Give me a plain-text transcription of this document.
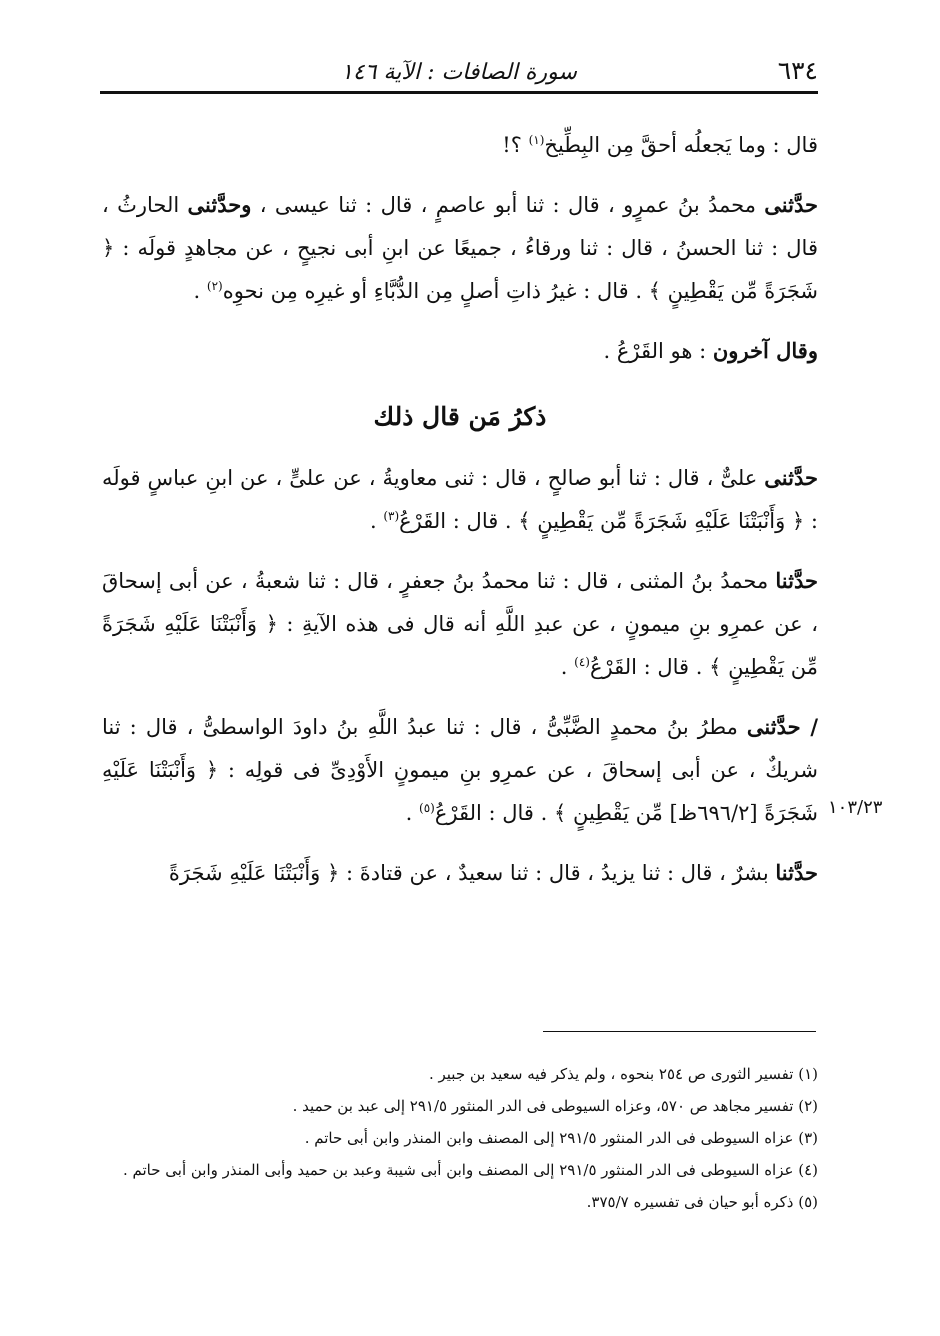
٦٣٤
سورة الصافات : الآية ١٤٦
١٠٣/٢٣

قال : وما يَجعلُه أحقَّ مِن البِطِّيخ$^{(١)}$ ؟!

حدَّثنى محمدُ بنُ عمرٍو ، قال : ثنا أبو عاصمٍ ، قال : ثنا عيسى ، وحدَّثنى الحارثُ ، قال : ثنا الحسنُ ، قال : ثنا ورقاءُ ، جميعًا عن ابنِ أبى نجيحٍ ، عن مجاهدٍ قولَه : ﴿ شَجَرَةً مِّن يَقْطِينٍ ﴾ . قال : غيرُ ذاتِ أصلٍ مِن الدُّبَّاءِ أو غيرِه مِن نحوِه$^{(٢)}$ .

وقال آخرون : هو القَرْعُ .

ذكرُ مَن قال ذلك

حدَّثنى علىٌّ ، قال : ثنا أبو صالحٍ ، قال : ثنى معاويةُ ، عن علىٍّ ، عن ابنِ عباسٍ قولَه : ﴿ وَأَنْبَتْنَا عَلَيْهِ شَجَرَةً مِّن يَقْطِينٍ ﴾ . قال : القَرْعُ$^{(٣)}$ .

حدَّثنا محمدُ بنُ المثنى ، قال : ثنا محمدُ بنُ جعفرٍ ، قال : ثنا شعبةُ ، عن أبى إسحاقَ ، عن عمرِو بنِ ميمونٍ ، عن عبدِ اللَّهِ أنه قال فى هذه الآيةِ : ﴿ وَأَنْبَتْنَا عَلَيْهِ شَجَرَةً مِّن يَقْطِينٍ ﴾ . قال : القَرْعُ$^{(٤)}$ .

/ حدَّثنى مطرُ بنُ محمدٍ الضَّبِّىُّ ، قال : ثنا عبدُ اللَّهِ بنُ داودَ الواسطىُّ ، قال : ثنا شريكٌ ، عن أبى إسحاقَ ، عن عمرِو بنِ ميمونٍ الأَوْدِىِّ فى قولِه : ﴿ وَأَنْبَتْنَا عَلَيْهِ شَجَرَةً [٦٩٦/٢ظ] مِّن يَقْطِينٍ ﴾ . قال : القَرْعُ$^{(٥)}$ .

حدَّثنا بشرٌ ، قال : ثنا يزيدُ ، قال : ثنا سعيدٌ ، عن قتادةَ : ﴿ وَأَنْبَتْنَا عَلَيْهِ شَجَرَةً

(١) تفسير الثورى ص ٢٥٤ بنحوه ، ولم يذكر فيه سعيد بن جبير .
(٢) تفسير مجاهد ص ٥٧٠، وعزاه السيوطى فى الدر المنثور ٢٩١/٥ إلى عبد بن حميد .
(٣) عزاه السيوطى فى الدر المنثور ٢٩١/٥ إلى المصنف وابن المنذر وابن أبى حاتم .
(٤) عزاه السيوطى فى الدر المنثور ٢٩١/٥ إلى المصنف وابن أبى شيبة وعبد بن حميد وأبى المنذر وابن أبى حاتم .
(٥) ذكره أبو حيان فى تفسيره ٣٧٥/٧.
